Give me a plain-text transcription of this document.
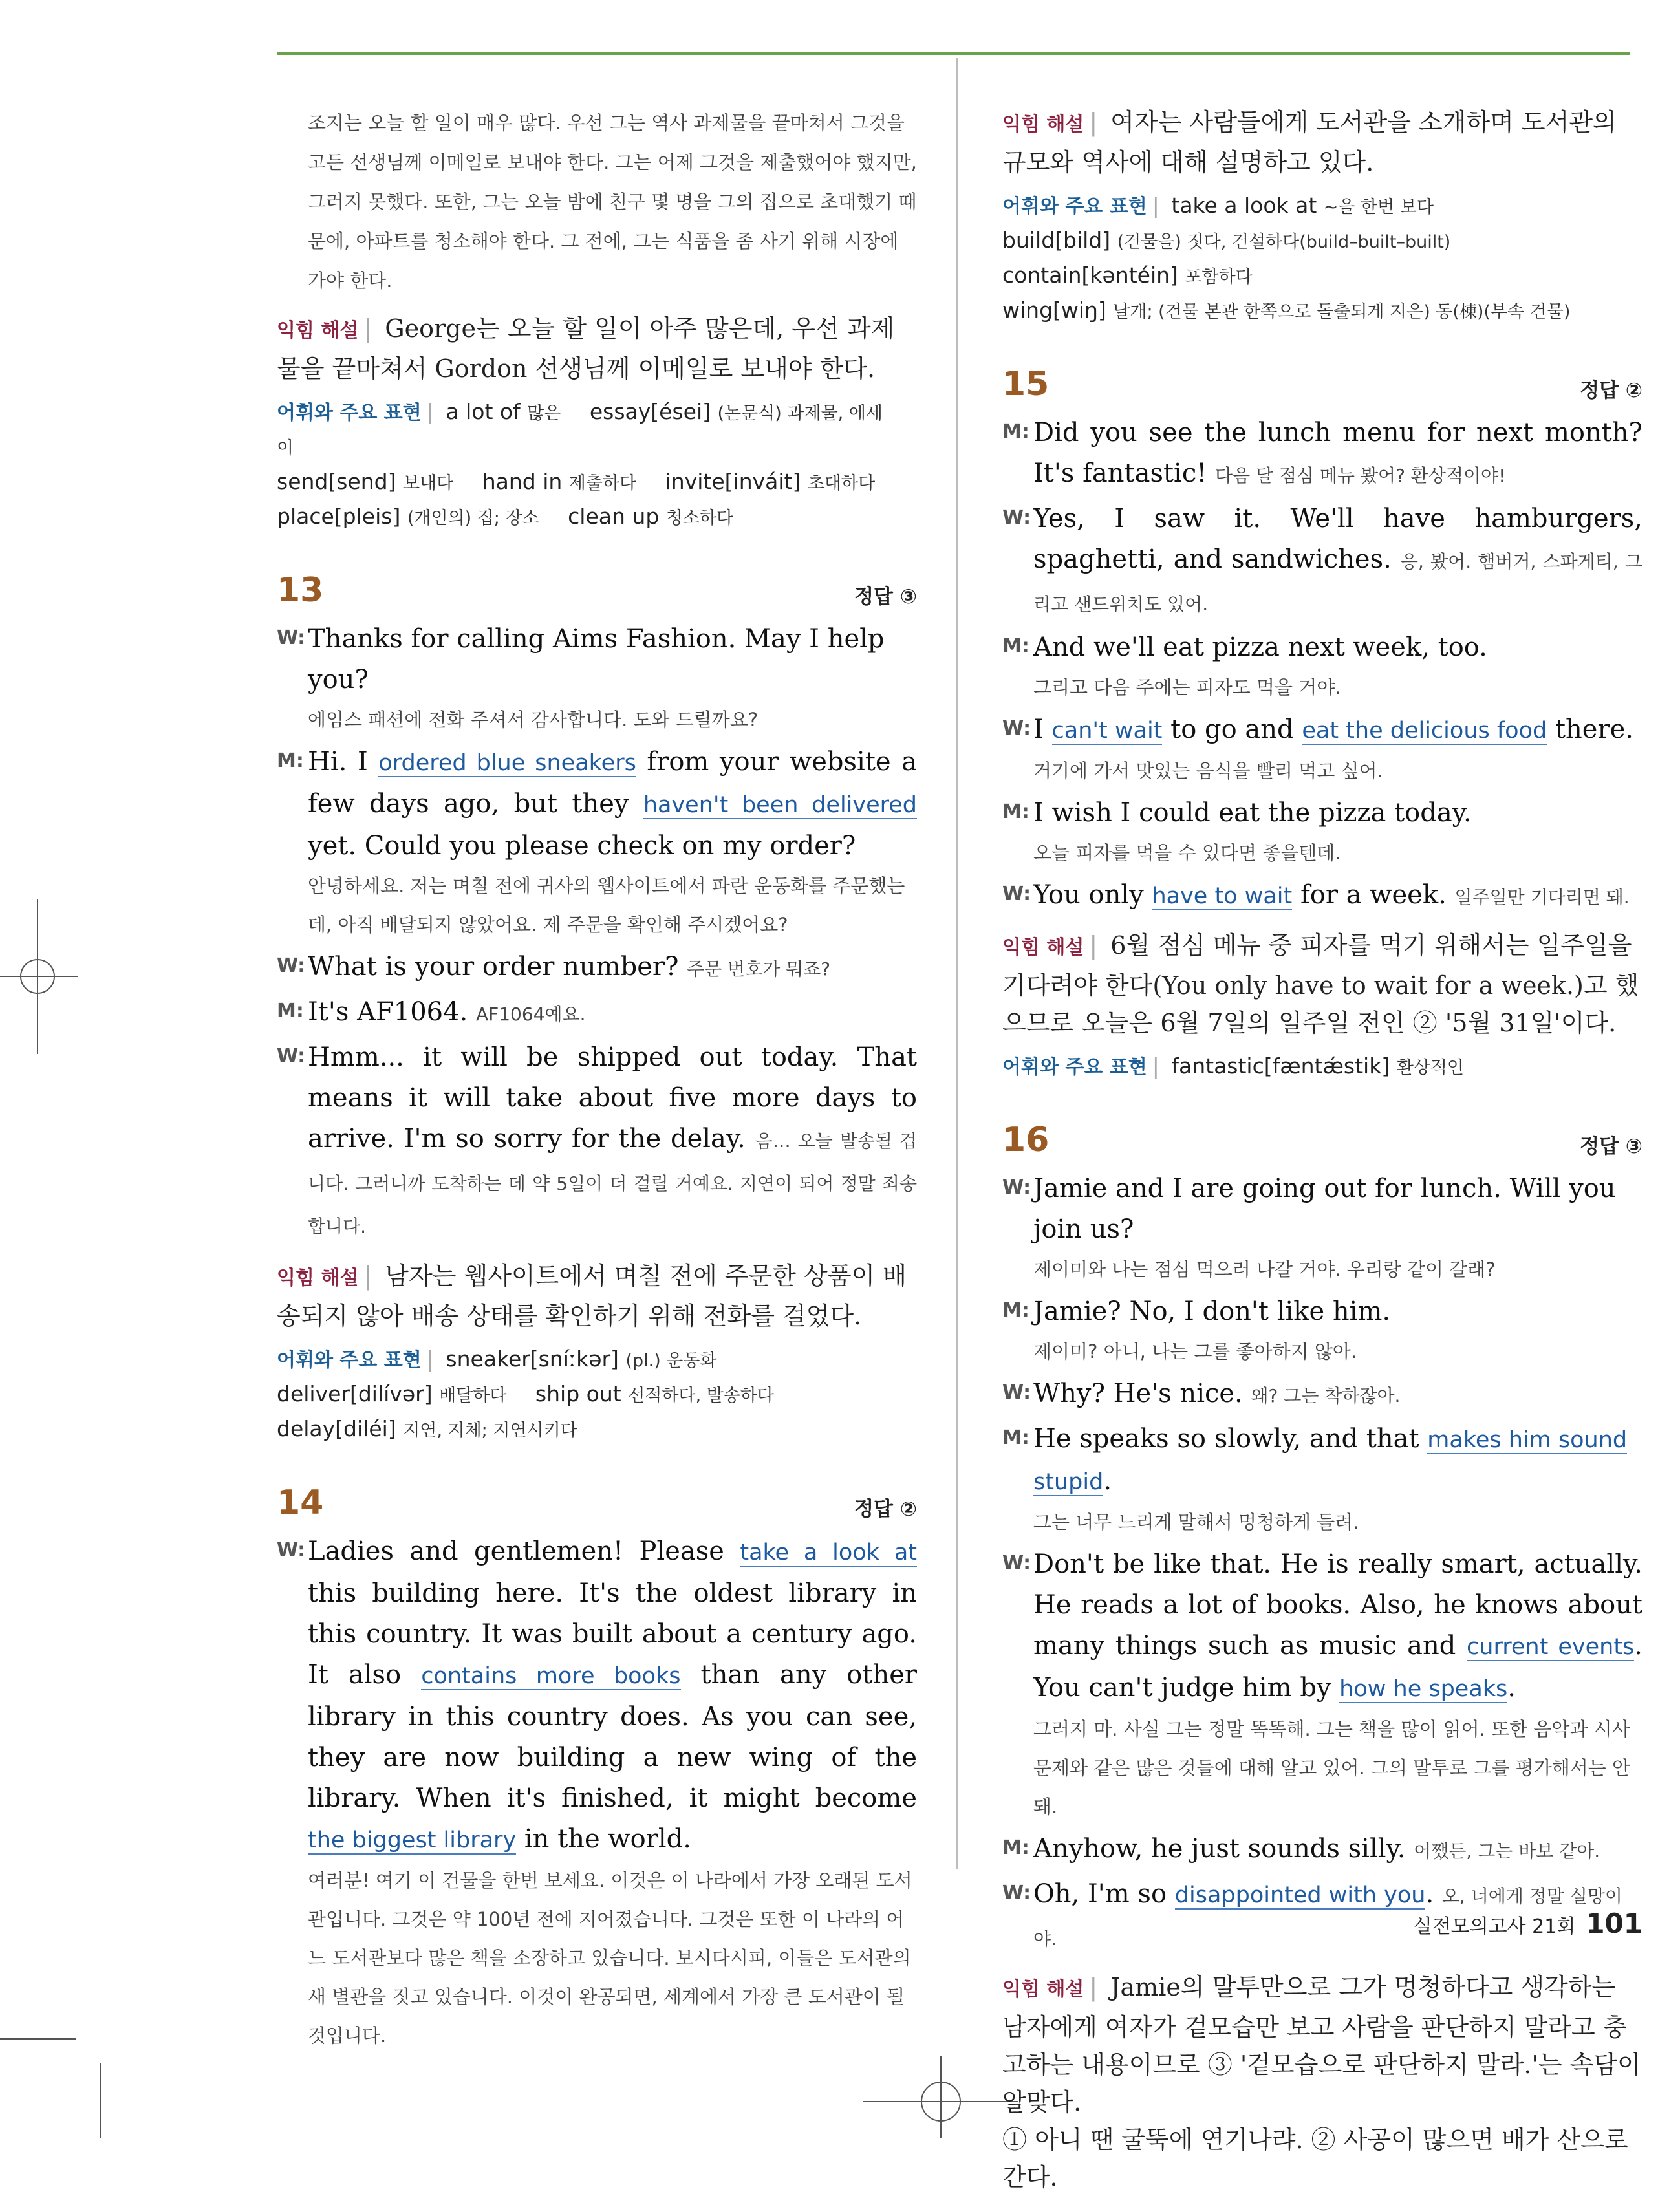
조지는 오늘 할 일이 매우 많다. 우선 그는 역사 과제물을 끝마쳐서 그것을 고든 선생님께 이메일로 보내야 한다. 그는 어제 그것을 제출했어야 했지만, 그러지 못했다. 또한, 그는 오늘 밤에 친구 몇 명을 그의 집으로 초대했기 때문에, 아파트를 청소해야 한다. 그 전에, 그는 식품을 좀 사기 위해 시장에 가야 한다.
익힘 해설 | George는 오늘 할 일이 아주 많은데, 우선 과제물을 끝마쳐서 Gordon 선생님께 이메일로 보내야 한다.
어휘와 주요 표현 | a lot of 많은 essay[ései] (논문식) 과제물, 에세이
send[send] 보내다 hand in 제출하다 invite[inváit] 초대하다
place[pleis] (개인의) 집; 장소 clean up 청소하다
13	정답 ③
W: Thanks for calling Aims Fashion. May I help you?
에임스 패션에 전화 주셔서 감사합니다. 도와 드릴까요?
M: Hi. I ordered blue sneakers from your website a few days ago, but they haven't been delivered yet. Could you please check on my order?
안녕하세요. 저는 며칠 전에 귀사의 웹사이트에서 파란 운동화를 주문했는데, 아직 배달되지 않았어요. 제 주문을 확인해 주시겠어요?
W: What is your order number? 주문 번호가 뭐죠?
M: It's AF1064. AF1064예요.
W: Hmm... it will be shipped out today. That means it will take about five more days to arrive. I'm so sorry for the delay. 음… 오늘 발송될 겁니다. 그러니까 도착하는 데 약 5일이 더 걸릴 거예요. 지연이 되어 정말 죄송합니다.
익힘 해설 | 남자는 웹사이트에서 며칠 전에 주문한 상품이 배송되지 않아 배송 상태를 확인하기 위해 전화를 걸었다.
어휘와 주요 표현 | sneaker[sníːkər] (pl.) 운동화
deliver[dilívər] 배달하다 ship out 선적하다, 발송하다
delay[diléi] 지연, 지체; 지연시키다
14	정답 ②
W: Ladies and gentlemen! Please take a look at this building here. It's the oldest library in this country. It was built about a century ago. It also contains more books than any other library in this country does. As you can see, they are now building a new wing of the library. When it's finished, it might become the biggest library in the world.
여러분! 여기 이 건물을 한번 보세요. 이것은 이 나라에서 가장 오래된 도서관입니다. 그것은 약 100년 전에 지어졌습니다. 그것은 또한 이 나라의 어느 도서관보다 많은 책을 소장하고 있습니다. 보시다시피, 이들은 도서관의 새 별관을 짓고 있습니다. 이것이 완공되면, 세계에서 가장 큰 도서관이 될 것입니다.
익힘 해설 | 여자는 사람들에게 도서관을 소개하며 도서관의 규모와 역사에 대해 설명하고 있다.
어휘와 주요 표현 | take a look at ~을 한번 보다
build[bild] (건물을) 짓다, 건설하다(build–built–built)
contain[kəntéin] 포함하다
wing[wiŋ] 날개; (건물 본관 한쪽으로 돌출되게 지은) 동(棟)(부속 건물)
15	정답 ②
M: Did you see the lunch menu for next month? It's fantastic! 다음 달 점심 메뉴 봤어? 환상적이야!
W: Yes, I saw it. We'll have hamburgers, spaghetti, and sandwiches. 응, 봤어. 햄버거, 스파게티, 그리고 샌드위치도 있어.
M: And we'll eat pizza next week, too.
그리고 다음 주에는 피자도 먹을 거야.
W: I can't wait to go and eat the delicious food there.
거기에 가서 맛있는 음식을 빨리 먹고 싶어.
M: I wish I could eat the pizza today.
오늘 피자를 먹을 수 있다면 좋을텐데.
W: You only have to wait for a week. 일주일만 기다리면 돼.
익힘 해설 | 6월 점심 메뉴 중 피자를 먹기 위해서는 일주일을 기다려야 한다(You only have to wait for a week.)고 했으므로 오늘은 6월 7일의 일주일 전인 ② '5월 31일'이다.
어휘와 주요 표현 | fantastic[fæntǽstik] 환상적인
16	정답 ③
W: Jamie and I are going out for lunch. Will you join us?
제이미와 나는 점심 먹으러 나갈 거야. 우리랑 같이 갈래?
M: Jamie? No, I don't like him.
제이미? 아니, 나는 그를 좋아하지 않아.
W: Why? He's nice. 왜? 그는 착하잖아.
M: He speaks so slowly, and that makes him sound stupid.
그는 너무 느리게 말해서 멍청하게 들려.
W: Don't be like that. He is really smart, actually. He reads a lot of books. Also, he knows about many things such as music and current events. You can't judge him by how he speaks.
그러지 마. 사실 그는 정말 똑똑해. 그는 책을 많이 읽어. 또한 음악과 시사 문제와 같은 많은 것들에 대해 알고 있어. 그의 말투로 그를 평가해서는 안 돼.
M: Anyhow, he just sounds silly. 어쨌든, 그는 바보 같아.
W: Oh, I'm so disappointed with you. 오, 너에게 정말 실망이야.
익힘 해설 | Jamie의 말투만으로 그가 멍청하다고 생각하는 남자에게 여자가 겉모습만 보고 사람을 판단하지 말라고 충고하는 내용이므로 ③ '겉모습으로 판단하지 말라.'는 속담이 알맞다.
① 아니 땐 굴뚝에 연기나랴. ② 사공이 많으면 배가 산으로 간다.
실전모의고사 21회 101
